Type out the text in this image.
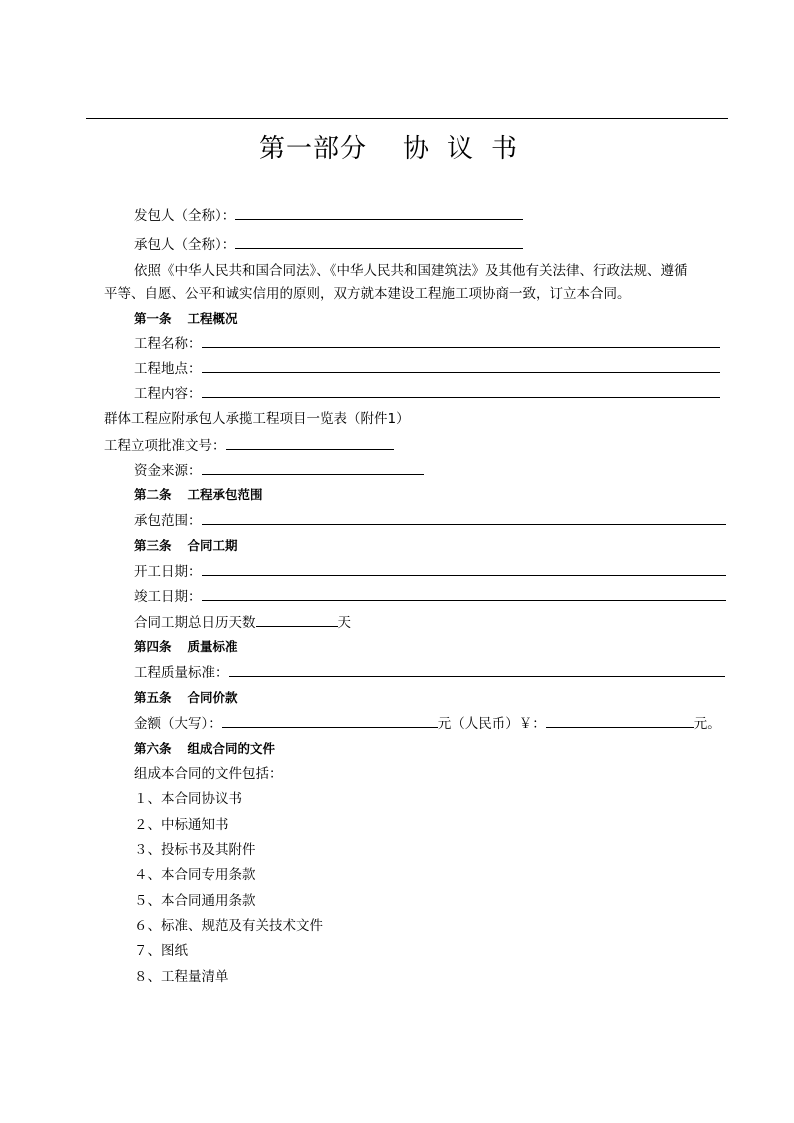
第一部分 协议书
发包人（全称）：
承包人（全称）：
依照《中华人民共和国合同法》、《中华人民共和国建筑法》及其他有关法律、行政法规、遵循
平等、自愿、公平和诚实信用的原则，双方就本建设工程施工项协商一致，订立本合同。
第一条 工程概况
工程名称：
工程地点：
工程内容：
群体工程应附承包人承揽工程项目一览表（附件1）
工程立项批准文号：
资金来源：
第二条 工程承包范围
承包范围：
第三条 合同工期
开工日期：
竣工日期：
合同工期总日历天数	天
第四条 质量标准
工程质量标准：
第五条 合同价款
金额（大写）：	元（人民币）￥：	元。
第六条 组成合同的文件
组成本合同的文件包括：
１、本合同协议书
２、中标通知书
３、投标书及其附件
４、本合同专用条款
５、本合同通用条款
６、标准、规范及有关技术文件
７、图纸
８、工程量清单
